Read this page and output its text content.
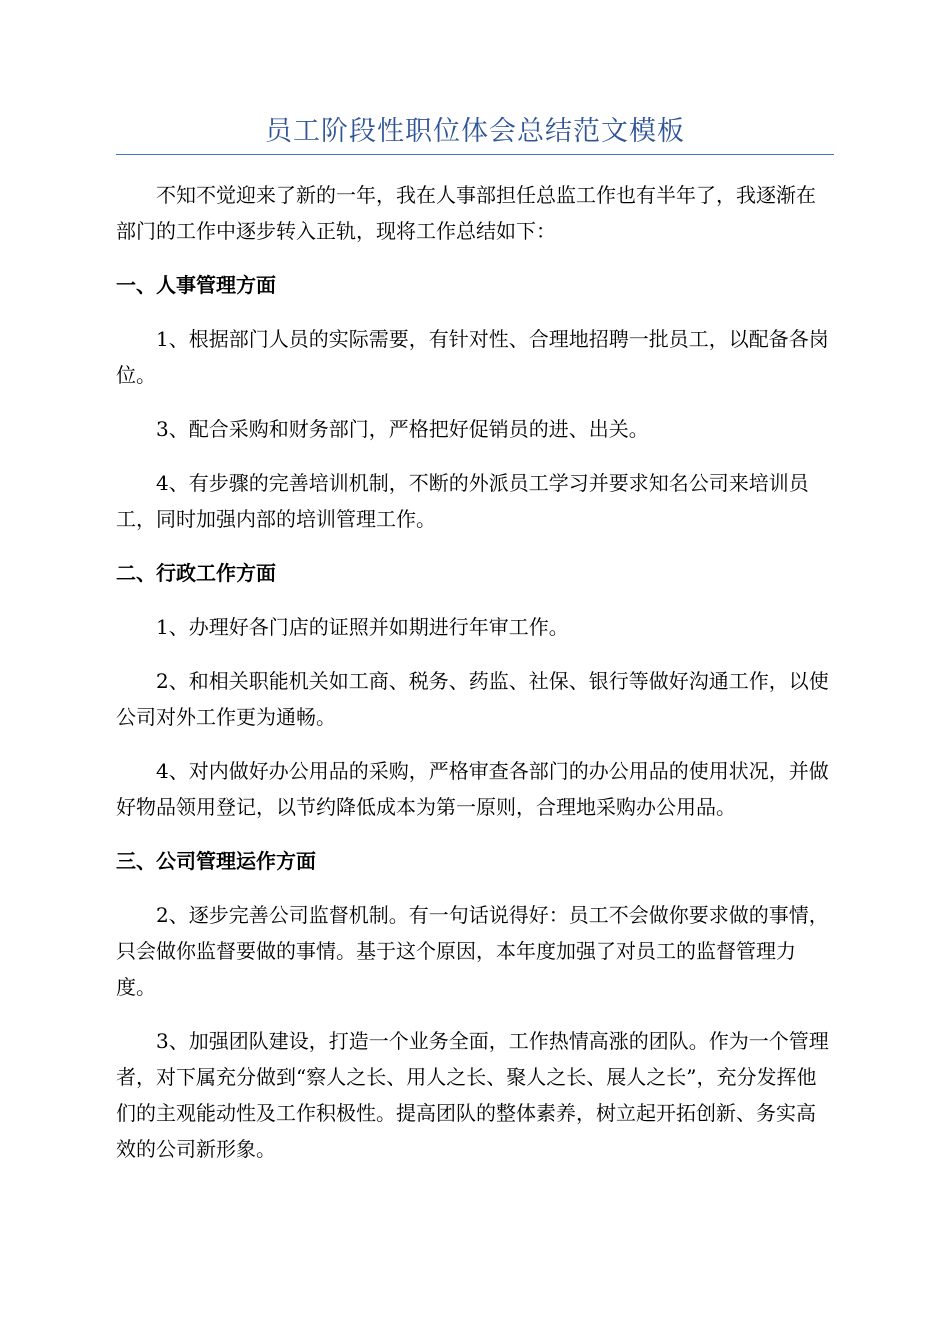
员工阶段性职位体会总结范文模板

不知不觉迎来了新的一年，我在人事部担任总监工作也有半年了，我逐渐在部门的工作中逐步转入正轨，现将工作总结如下：

一、人事管理方面

1、根据部门人员的实际需要，有针对性、合理地招聘一批员工，以配备各岗位。

3、配合采购和财务部门，严格把好促销员的进、出关。

4、有步骤的完善培训机制，不断的外派员工学习并要求知名公司来培训员工，同时加强内部的培训管理工作。

二、行政工作方面

1、办理好各门店的证照并如期进行年审工作。

2、和相关职能机关如工商、税务、药监、社保、银行等做好沟通工作，以使公司对外工作更为通畅。

4、对内做好办公用品的采购，严格审查各部门的办公用品的使用状况，并做好物品领用登记，以节约降低成本为第一原则，合理地采购办公用品。

三、公司管理运作方面

2、逐步完善公司监督机制。有一句话说得好：员工不会做你要求做的事情，只会做你监督要做的事情。基于这个原因，本年度加强了对员工的监督管理力度。

3、加强团队建设，打造一个业务全面，工作热情高涨的团队。作为一个管理者，对下属充分做到“察人之长、用人之长、聚人之长、展人之长”，充分发挥他们的主观能动性及工作积极性。提高团队的整体素养，树立起开拓创新、务实高效的公司新形象。
